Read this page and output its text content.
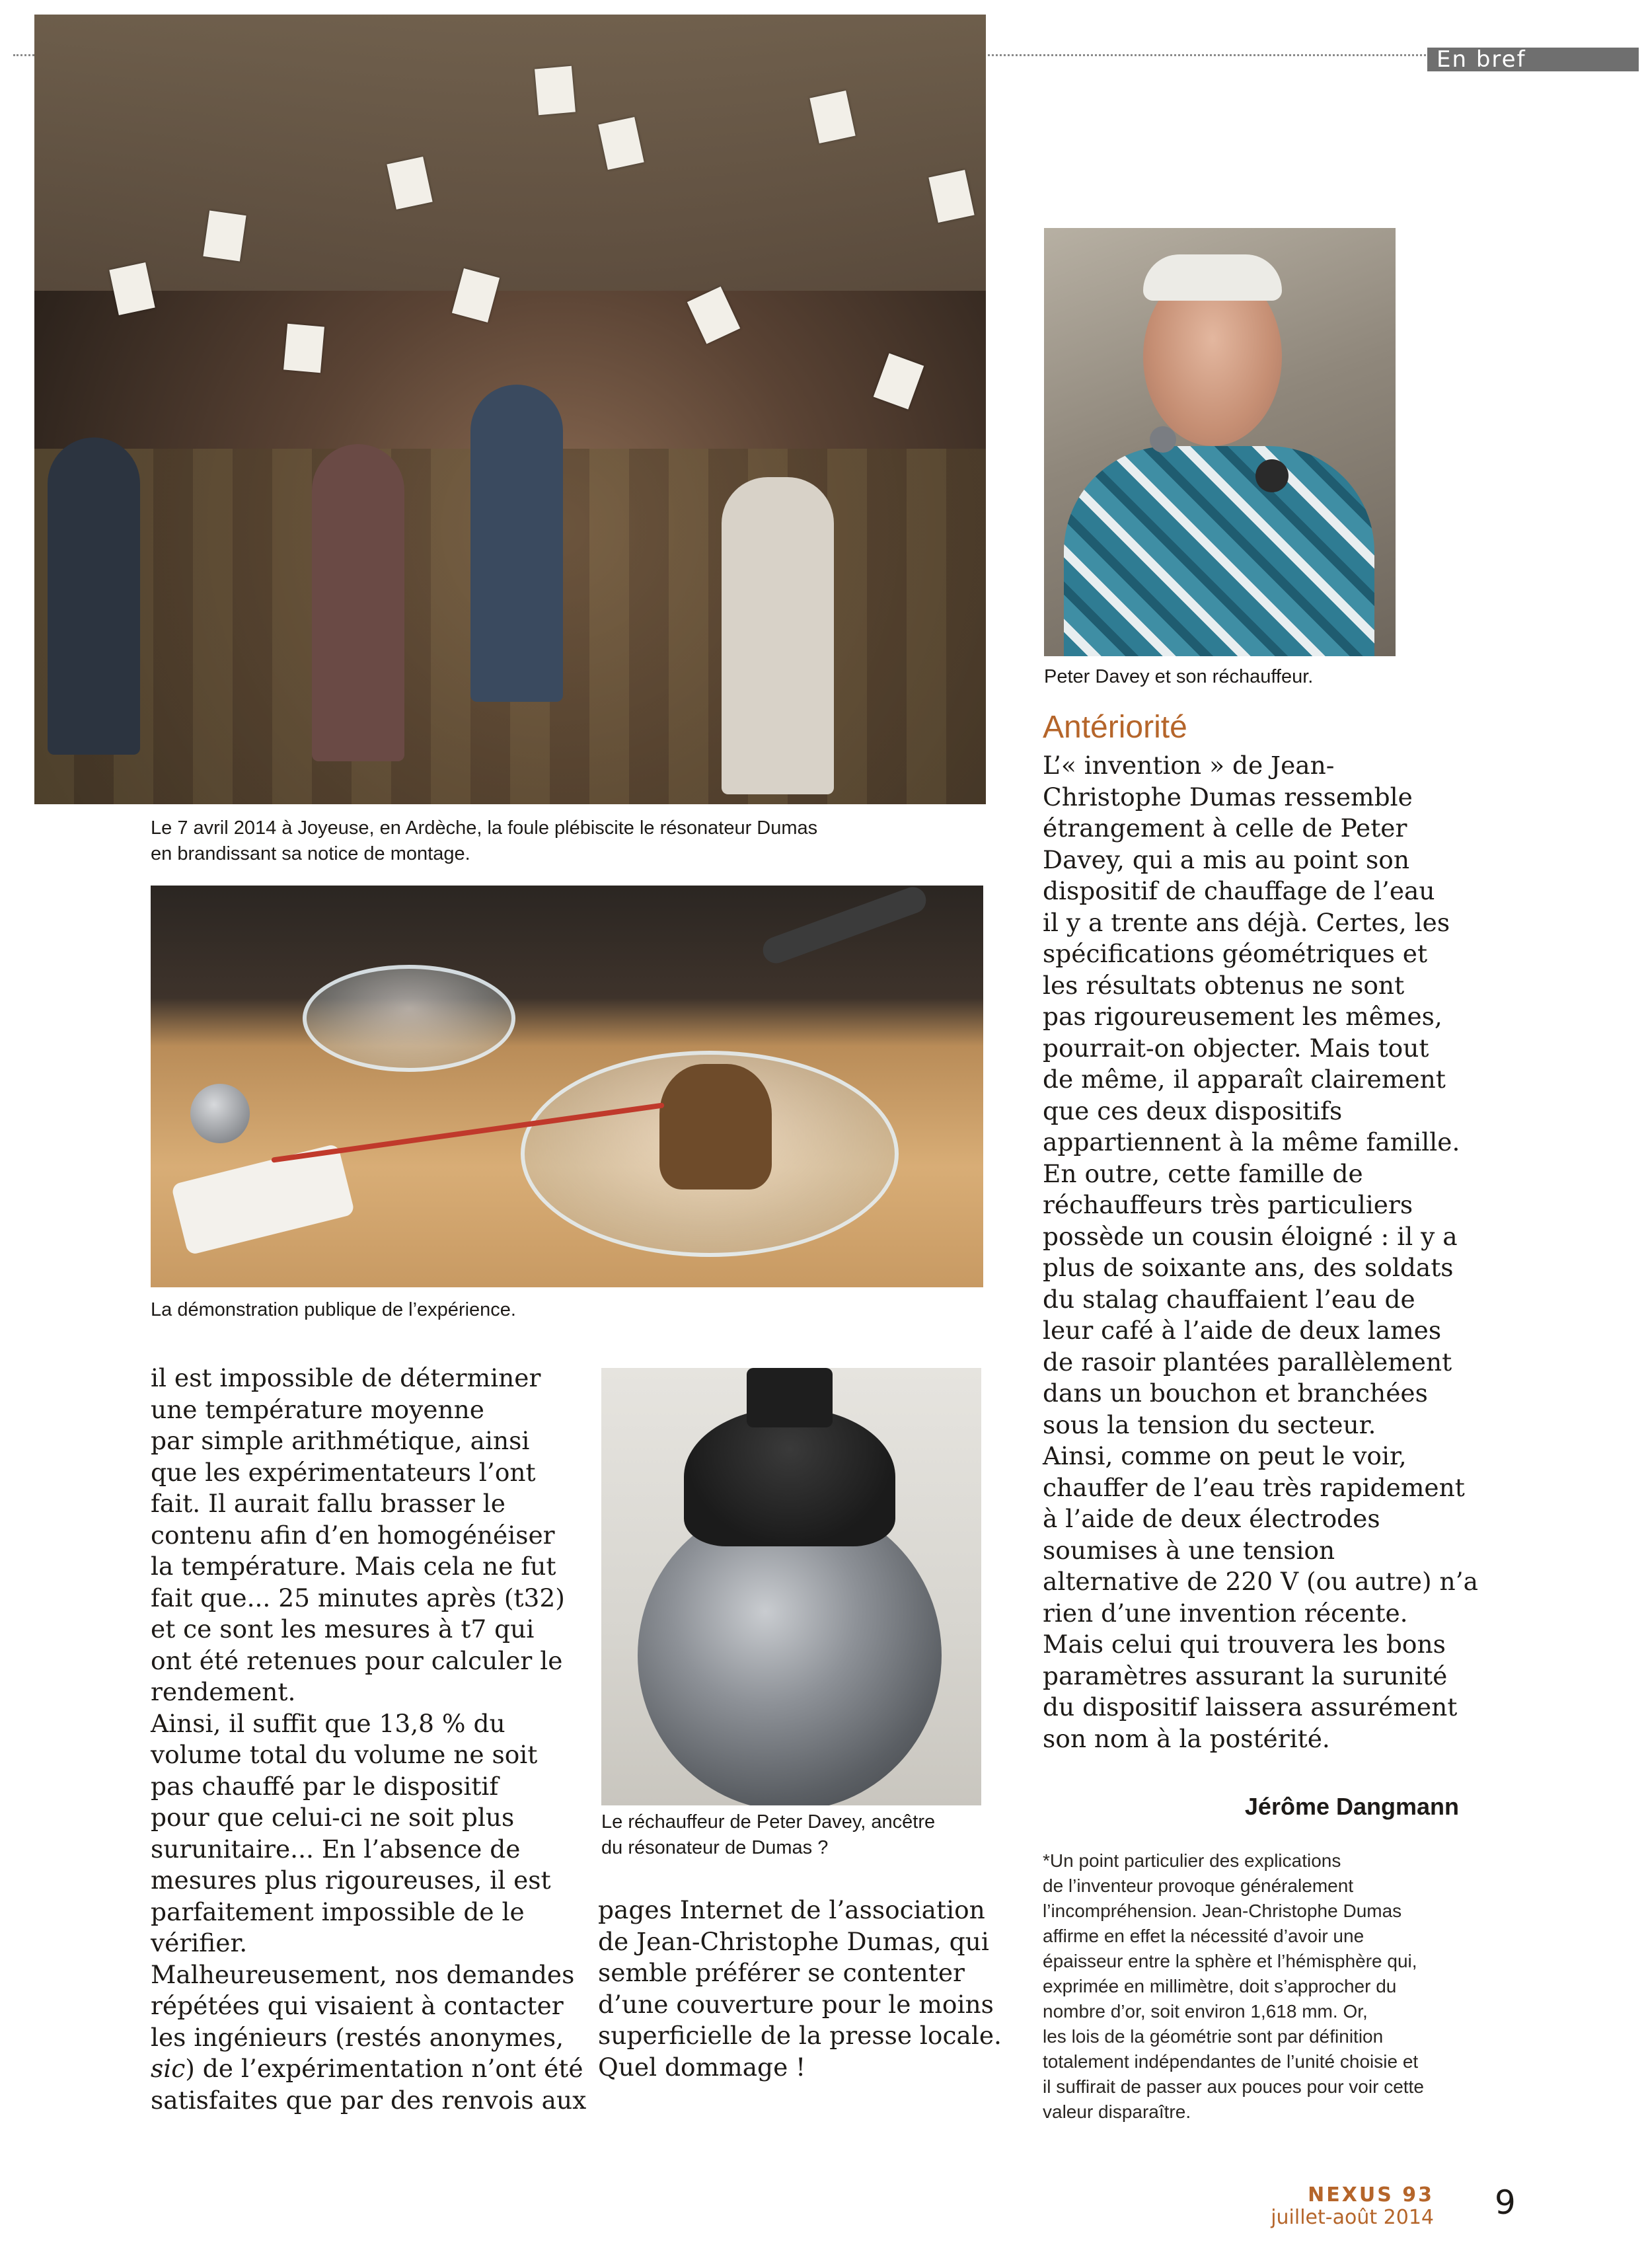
En bref
Le 7 avril 2014 à Joyeuse, en Ardèche, la foule plébiscite le résonateur Dumas
en brandissant sa notice de montage.
Peter Davey et son réchauffeur.
La démonstration publique de l’expérience.
Le réchauffeur de Peter Davey, ancêtre
du résonateur de Dumas ?
il est impossible de déterminer
une température moyenne
par simple arithmétique, ainsi
que les expérimentateurs l’ont
fait. Il aurait fallu brasser le
contenu afin d’en homogénéiser
la température. Mais cela ne fut
fait que... 25 minutes après (t32)
et ce sont les mesures à t7 qui
ont été retenues pour calculer le
rendement.
Ainsi, il suffit que 13,8 % du
volume total du volume ne soit
pas chauffé par le dispositif
pour que celui-ci ne soit plus
surunitaire... En l’absence de
mesures plus rigoureuses, il est
parfaitement impossible de le
vérifier.
Malheureusement, nos demandes
répétées qui visaient à contacter
les ingénieurs (restés anonymes,
sic) de l’expérimentation n’ont été
satisfaites que par des renvois aux
pages Internet de l’association
de Jean-Christophe Dumas, qui
semble préférer se contenter
d’une couverture pour le moins
superficielle de la presse locale.
Quel dommage !
Antériorité
L’« invention » de Jean-
Christophe Dumas ressemble
étrangement à celle de Peter
Davey, qui a mis au point son
dispositif de chauffage de l’eau
il y a trente ans déjà. Certes, les
spécifications géométriques et
les résultats obtenus ne sont
pas rigoureusement les mêmes,
pourrait-on objecter. Mais tout
de même, il apparaît clairement
que ces deux dispositifs
appartiennent à la même famille.
En outre, cette famille de
réchauffeurs très particuliers
possède un cousin éloigné : il y a
plus de soixante ans, des soldats
du stalag chauffaient l’eau de
leur café à l’aide de deux lames
de rasoir plantées parallèlement
dans un bouchon et branchées
sous la tension du secteur.
Ainsi, comme on peut le voir,
chauffer de l’eau très rapidement
à l’aide de deux électrodes
soumises à une tension
alternative de 220 V (ou autre) n’a
rien d’une invention récente.
Mais celui qui trouvera les bons
paramètres assurant la surunité
du dispositif laissera assurément
son nom à la postérité.
Jérôme Dangmann
*Un point particulier des explications
de l’inventeur provoque généralement
l’incompréhension. Jean-Christophe Dumas
affirme en effet la nécessité d’avoir une
épaisseur entre la sphère et l’hémisphère qui,
exprimée en millimètre, doit s’approcher du
nombre d’or, soit environ 1,618 mm. Or,
les lois de la géométrie sont par définition
totalement indépendantes de l’unité choisie et
il suffirait de passer aux pouces pour voir cette
valeur disparaître.
NEXUS 93
juillet-août 2014 9
